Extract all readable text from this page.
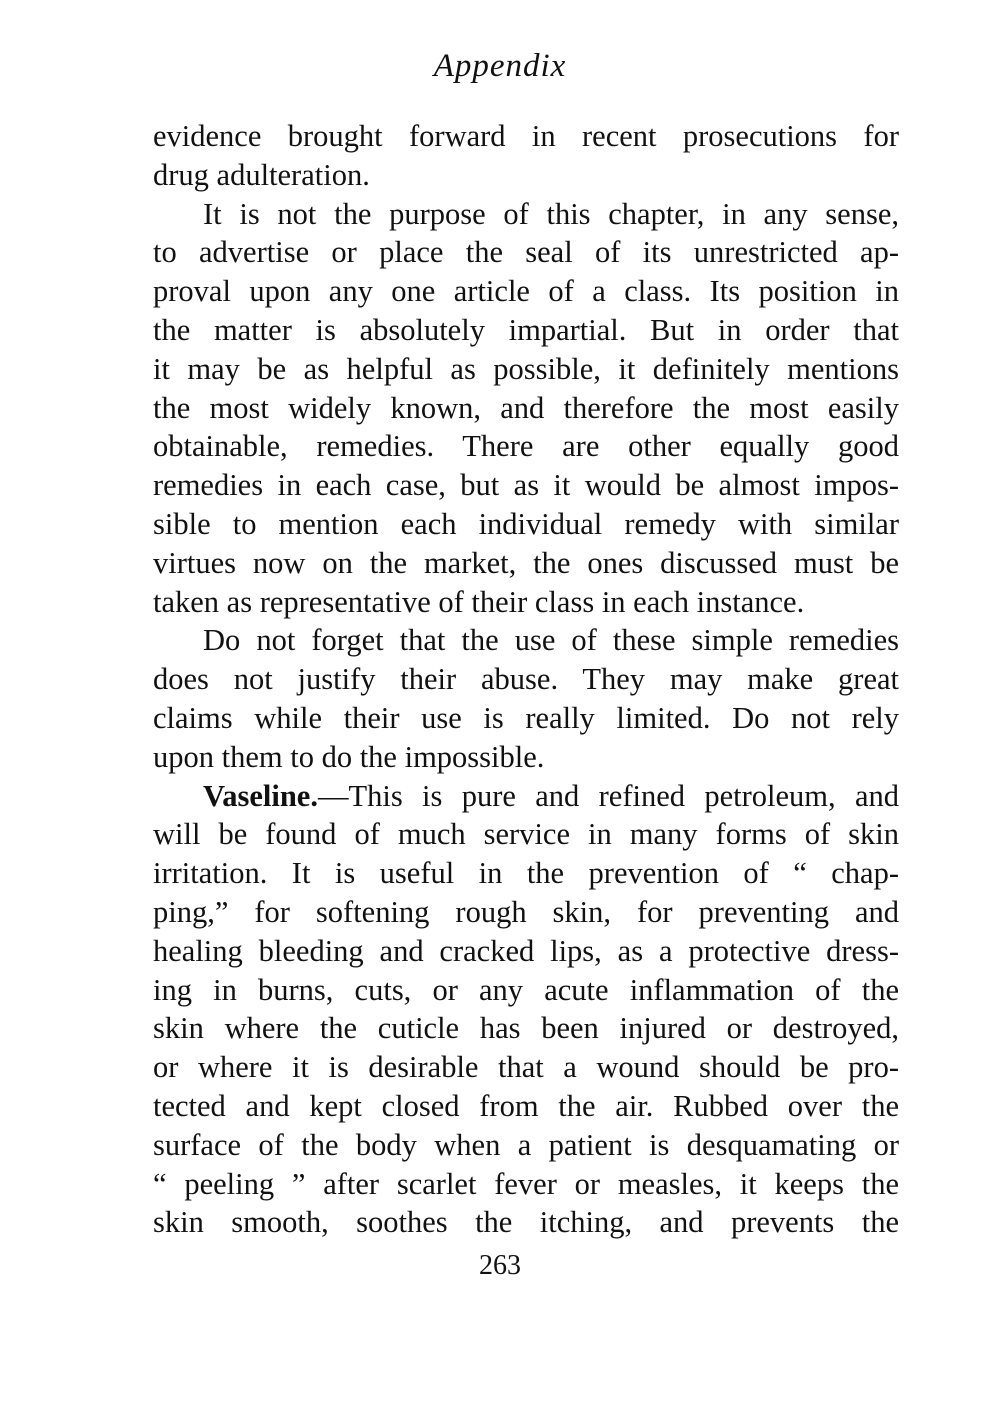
Appendix
evidence brought forward in recent prosecutions for
drug adulteration.
It is not the purpose of this chapter, in any sense,
to advertise or place the seal of its unrestricted ap-
proval upon any one article of a class. Its position in
the matter is absolutely impartial. But in order that
it may be as helpful as possible, it definitely mentions
the most widely known, and therefore the most easily
obtainable, remedies. There are other equally good
remedies in each case, but as it would be almost impos-
sible to mention each individual remedy with similar
virtues now on the market, the ones discussed must be
taken as representative of their class in each instance.
Do not forget that the use of these simple remedies
does not justify their abuse. They may make great
claims while their use is really limited. Do not rely
upon them to do the impossible.
Vaseline.—This is pure and refined petroleum, and
will be found of much service in many forms of skin
irritation. It is useful in the prevention of “ chap-
ping,” for softening rough skin, for preventing and
healing bleeding and cracked lips, as a protective dress-
ing in burns, cuts, or any acute inflammation of the
skin where the cuticle has been injured or destroyed,
or where it is desirable that a wound should be pro-
tected and kept closed from the air. Rubbed over the
surface of the body when a patient is desquamating or
“ peeling ” after scarlet fever or measles, it keeps the
skin smooth, soothes the itching, and prevents the
263
